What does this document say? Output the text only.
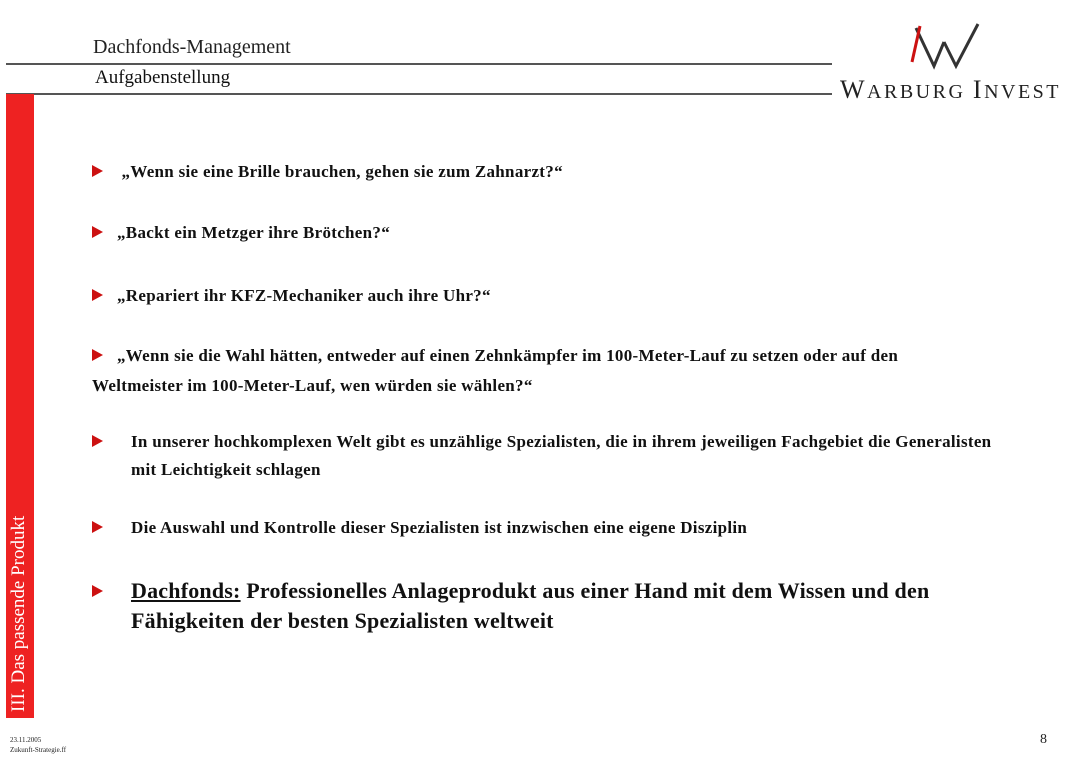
Dachfonds-Management
Aufgabenstellung	WARBURG INVEST
III. Das passende Produkt
„Wenn sie eine Brille brauchen, gehen sie zum Zahnarzt?“
„Backt ein Metzger ihre Brötchen?“
„Repariert ihr KFZ-Mechaniker auch ihre Uhr?“
„Wenn sie die Wahl hätten, entweder auf einen Zehnkämpfer im 100-Meter-Lauf zu setzen oder auf den Weltmeister im 100-Meter-Lauf, wen würden sie wählen?“
In unserer hochkomplexen Welt gibt es unzählige Spezialisten, die in ihrem jeweiligen Fachgebiet die Generalisten mit Leichtigkeit schlagen
Die Auswahl und Kontrolle dieser Spezialisten ist inzwischen eine eigene Disziplin
Dachfonds: Professionelles Anlageprodukt aus einer Hand mit dem Wissen und den Fähigkeiten der besten Spezialisten weltweit
23.11.2005
Zukunft-Strategie.ff
8
